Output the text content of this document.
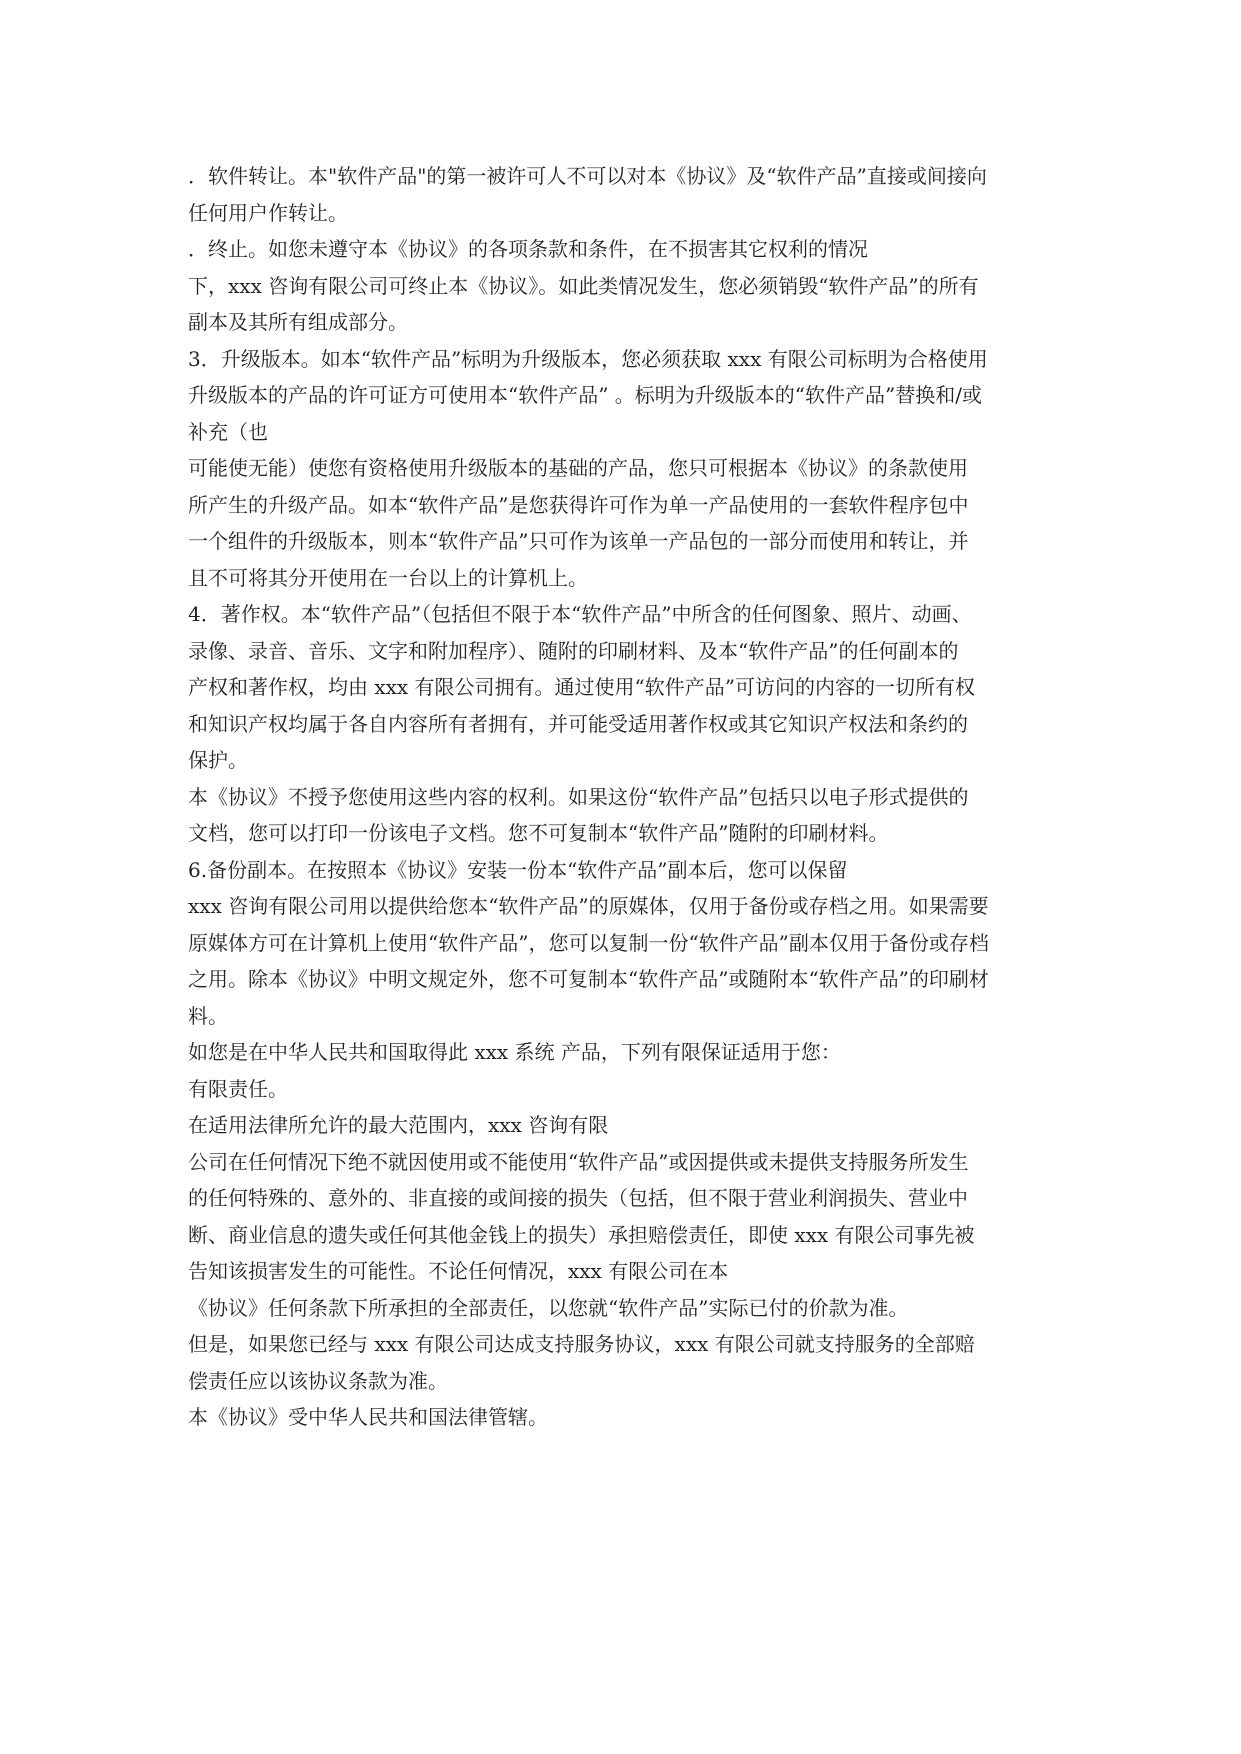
．软件转让。本"软件产品"的第一被许可人不可以对本《协议》及“软件产品”直接或间接向

任何用户作转让。

．终止。如您未遵守本《协议》的各项条款和条件，在不损害其它权利的情况

下，xxx 咨询有限公司可终止本《协议》。如此类情况发生，您必须销毁“软件产品”的所有

副本及其所有组成部分。

3．升级版本。如本“软件产品”标明为升级版本，您必须获取 xxx 有限公司标明为合格使用

升级版本的产品的许可证方可使用本“软件产品” 。标明为升级版本的“软件产品”替换和/或

补充（也

可能使无能）使您有资格使用升级版本的基础的产品，您只可根据本《协议》的条款使用

所产生的升级产品。如本“软件产品”是您获得许可作为单一产品使用的一套软件程序包中

一个组件的升级版本，则本“软件产品”只可作为该单一产品包的一部分而使用和转让，并

且不可将其分开使用在一台以上的计算机上。

4．著作权。本“软件产品”（包括但不限于本“软件产品”中所含的任何图象、照片、动画、

录像、录音、音乐、文字和附加程序）、随附的印刷材料、及本“软件产品”的任何副本的

产权和著作权，均由 xxx 有限公司拥有。通过使用“软件产品”可访问的内容的一切所有权

和知识产权均属于各自内容所有者拥有，并可能受适用著作权或其它知识产权法和条约的

保护。

本《协议》不授予您使用这些内容的权利。如果这份“软件产品”包括只以电子形式提供的

文档，您可以打印一份该电子文档。您不可复制本“软件产品”随附的印刷材料。

6.备份副本。在按照本《协议》安装一份本“软件产品”副本后，您可以保留

xxx 咨询有限公司用以提供给您本“软件产品”的原媒体，仅用于备份或存档之用。如果需要

原媒体方可在计算机上使用“软件产品”，您可以复制一份“软件产品”副本仅用于备份或存档

之用。除本《协议》中明文规定外，您不可复制本“软件产品”或随附本“软件产品”的印刷材

料。

如您是在中华人民共和国取得此 xxx 系统 产品，下列有限保证适用于您：

有限责任。

在适用法律所允许的最大范围内，xxx 咨询有限

公司在任何情况下绝不就因使用或不能使用“软件产品”或因提供或未提供支持服务所发生

的任何特殊的、意外的、非直接的或间接的损失（包括，但不限于营业利润损失、营业中

断、商业信息的遗失或任何其他金钱上的损失）承担赔偿责任，即使 xxx 有限公司事先被

告知该损害发生的可能性。不论任何情况，xxx 有限公司在本

《协议》任何条款下所承担的全部责任，以您就“软件产品”实际已付的价款为准。

但是，如果您已经与 xxx 有限公司达成支持服务协议，xxx 有限公司就支持服务的全部赔

偿责任应以该协议条款为准。

本《协议》受中华人民共和国法律管辖。
